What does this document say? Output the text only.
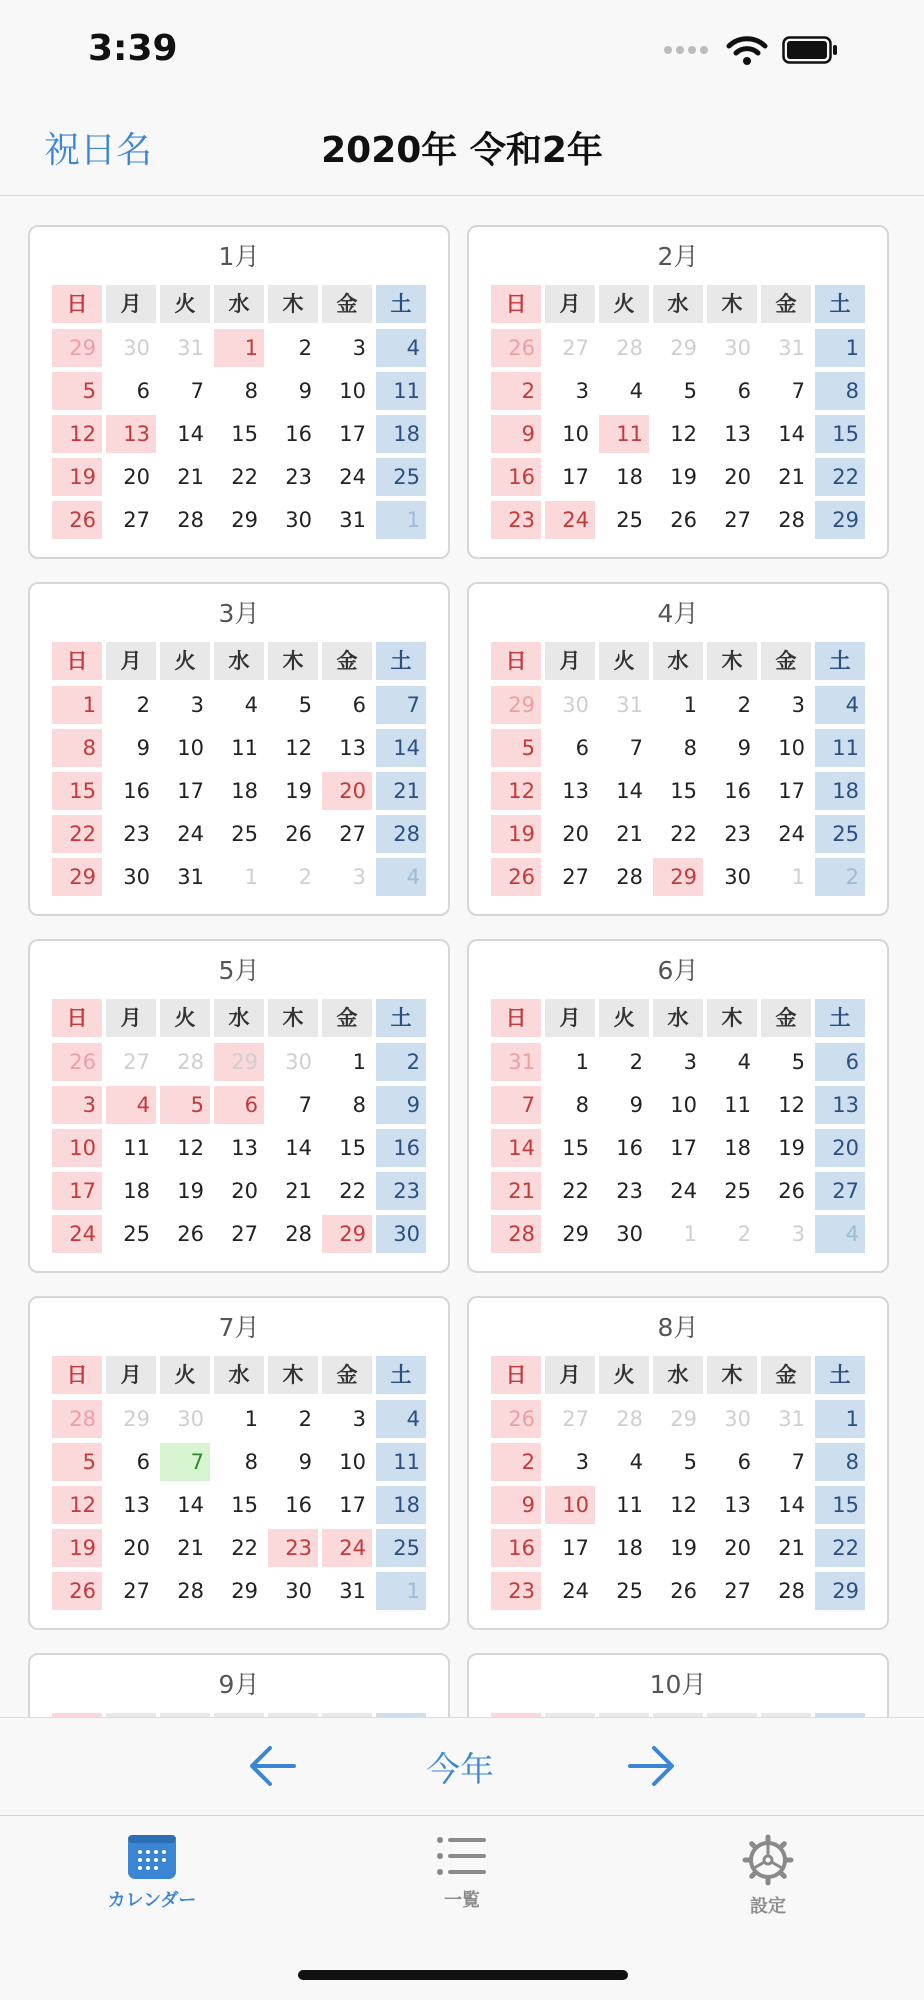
3:39
祝日名	2020年 令和2年
1月
日	月	火	水	木	金	土
29	30	31	1	2	3	4
5	6	7	8	9	10	11
12	13	14	15	16	17	18
19	20	21	22	23	24	25
26	27	28	29	30	31	1
2月
日	月	火	水	木	金	土
26	27	28	29	30	31	1
2	3	4	5	6	7	8
9	10	11	12	13	14	15
16	17	18	19	20	21	22
23	24	25	26	27	28	29
3月
日	月	火	水	木	金	土
1	2	3	4	5	6	7
8	9	10	11	12	13	14
15	16	17	18	19	20	21
22	23	24	25	26	27	28
29	30	31	1	2	3	4
4月
日	月	火	水	木	金	土
29	30	31	1	2	3	4
5	6	7	8	9	10	11
12	13	14	15	16	17	18
19	20	21	22	23	24	25
26	27	28	29	30	1	2
5月
日	月	火	水	木	金	土
26	27	28	29	30	1	2
3	4	5	6	7	8	9
10	11	12	13	14	15	16
17	18	19	20	21	22	23
24	25	26	27	28	29	30
6月
日	月	火	水	木	金	土
31	1	2	3	4	5	6
7	8	9	10	11	12	13
14	15	16	17	18	19	20
21	22	23	24	25	26	27
28	29	30	1	2	3	4
7月
日	月	火	水	木	金	土
28	29	30	1	2	3	4
5	6	7	8	9	10	11
12	13	14	15	16	17	18
19	20	21	22	23	24	25
26	27	28	29	30	31	1
8月
日	月	火	水	木	金	土
26	27	28	29	30	31	1
2	3	4	5	6	7	8
9	10	11	12	13	14	15
16	17	18	19	20	21	22
23	24	25	26	27	28	29
9月	10月
今年
カレンダー	一覧	設定
